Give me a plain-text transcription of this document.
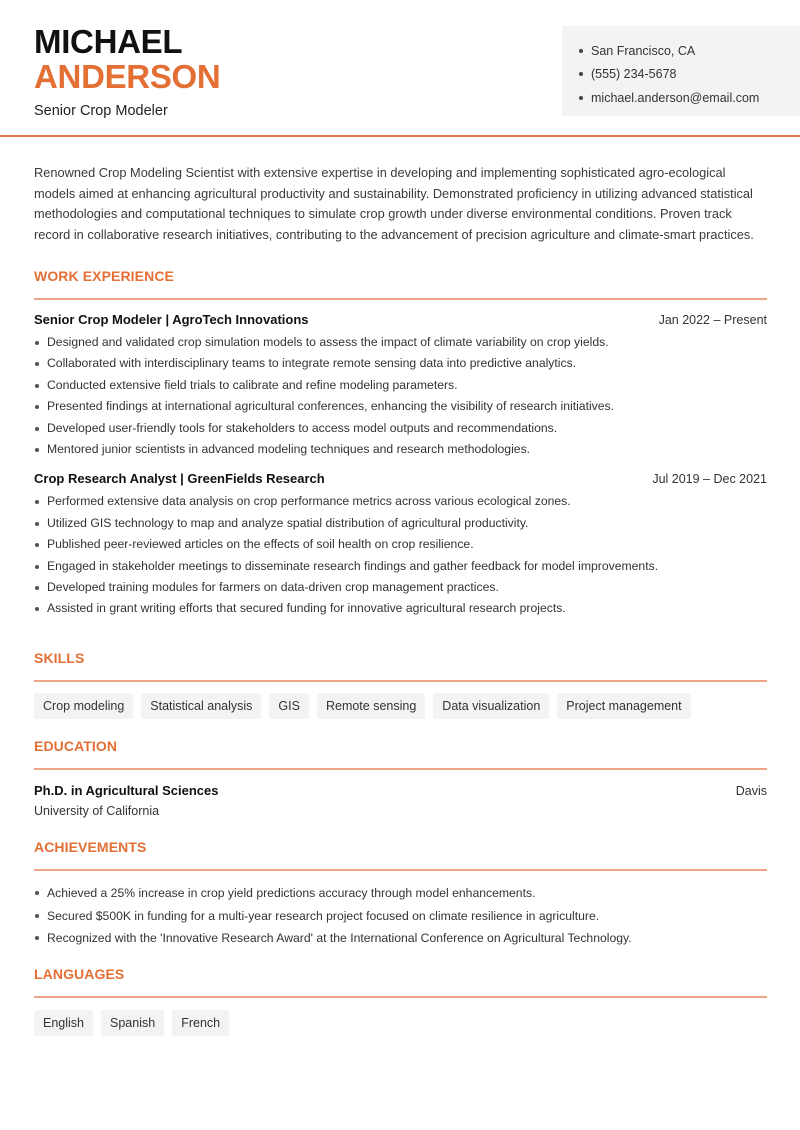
MICHAEL
ANDERSON
Senior Crop Modeler
San Francisco, CA
(555) 234-5678
michael.anderson@email.com

Renowned Crop Modeling Scientist with extensive expertise in developing and implementing sophisticated agro-ecological models aimed at enhancing agricultural productivity and sustainability. Demonstrated proficiency in utilizing advanced statistical methodologies and computational techniques to simulate crop growth under diverse environmental conditions. Proven track record in collaborative research initiatives, contributing to the advancement of precision agriculture and climate-smart practices.

WORK EXPERIENCE
Senior Crop Modeler | AgroTech Innovations	Jan 2022 – Present
Designed and validated crop simulation models to assess the impact of climate variability on crop yields.
Collaborated with interdisciplinary teams to integrate remote sensing data into predictive analytics.
Conducted extensive field trials to calibrate and refine modeling parameters.
Presented findings at international agricultural conferences, enhancing the visibility of research initiatives.
Developed user-friendly tools for stakeholders to access model outputs and recommendations.
Mentored junior scientists in advanced modeling techniques and research methodologies.
Crop Research Analyst | GreenFields Research	Jul 2019 – Dec 2021
Performed extensive data analysis on crop performance metrics across various ecological zones.
Utilized GIS technology to map and analyze spatial distribution of agricultural productivity.
Published peer-reviewed articles on the effects of soil health on crop resilience.
Engaged in stakeholder meetings to disseminate research findings and gather feedback for model improvements.
Developed training modules for farmers on data-driven crop management practices.
Assisted in grant writing efforts that secured funding for innovative agricultural research projects.
SKILLS
Crop modeling	Statistical analysis	GIS	Remote sensing	Data visualization	Project management
EDUCATION
Ph.D. in Agricultural Sciences	Davis
University of California
ACHIEVEMENTS
Achieved a 25% increase in crop yield predictions accuracy through model enhancements.
Secured $500K in funding for a multi-year research project focused on climate resilience in agriculture.
Recognized with the 'Innovative Research Award' at the International Conference on Agricultural Technology.
LANGUAGES
English	Spanish	French
